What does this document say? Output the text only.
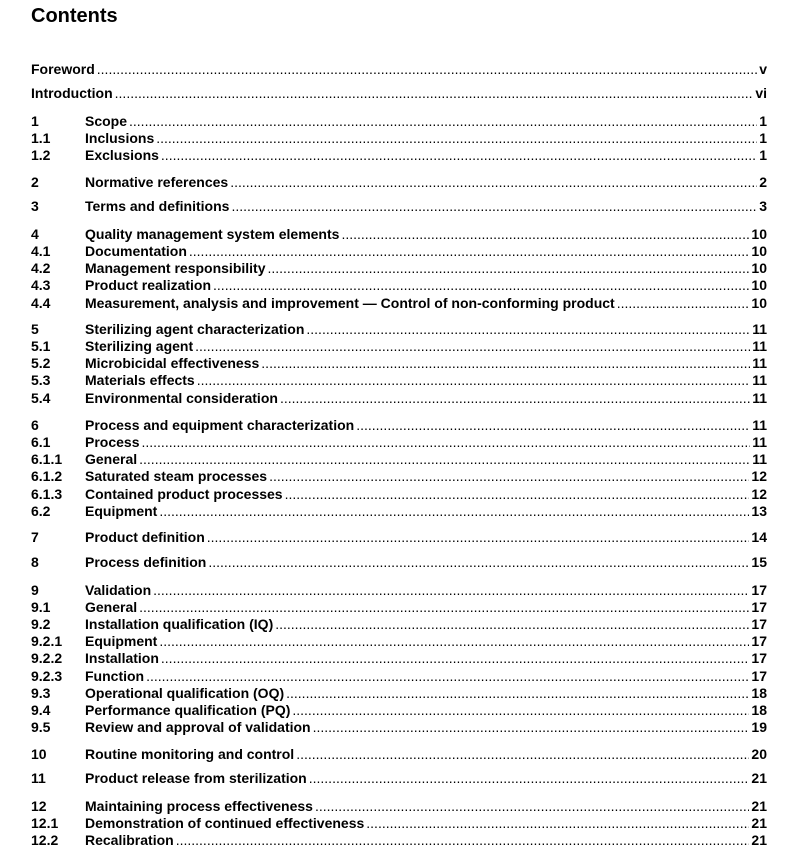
Contents
Foreword .....	v
Introduction .....	vi
1	Scope .....	1
1.1	Inclusions .....	1
1.2	Exclusions .....	1
2	Normative references .....	2
3	Terms and definitions .....	3
4	Quality management system elements .....	10
4.1	Documentation .....	10
4.2	Management responsibility .....	10
4.3	Product realization .....	10
4.4	Measurement, analysis and improvement — Control of non-conforming product .....	10
5	Sterilizing agent characterization .....	11
5.1	Sterilizing agent .....	11
5.2	Microbicidal effectiveness .....	11
5.3	Materials effects .....	11
5.4	Environmental consideration .....	11
6	Process and equipment characterization .....	11
6.1	Process .....	11
6.1.1	General .....	11
6.1.2	Saturated steam processes .....	12
6.1.3	Contained product processes .....	12
6.2	Equipment .....	13
7	Product definition .....	14
8	Process definition .....	15
9	Validation .....	17
9.1	General .....	17
9.2	Installation qualification (IQ) .....	17
9.2.1	Equipment .....	17
9.2.2	Installation .....	17
9.2.3	Function .....	17
9.3	Operational qualification (OQ) .....	18
9.4	Performance qualification (PQ) .....	18
9.5	Review and approval of validation .....	19
10	Routine monitoring and control .....	20
11	Product release from sterilization .....	21
12	Maintaining process effectiveness .....	21
12.1	Demonstration of continued effectiveness .....	21
12.2	Recalibration .....	21
